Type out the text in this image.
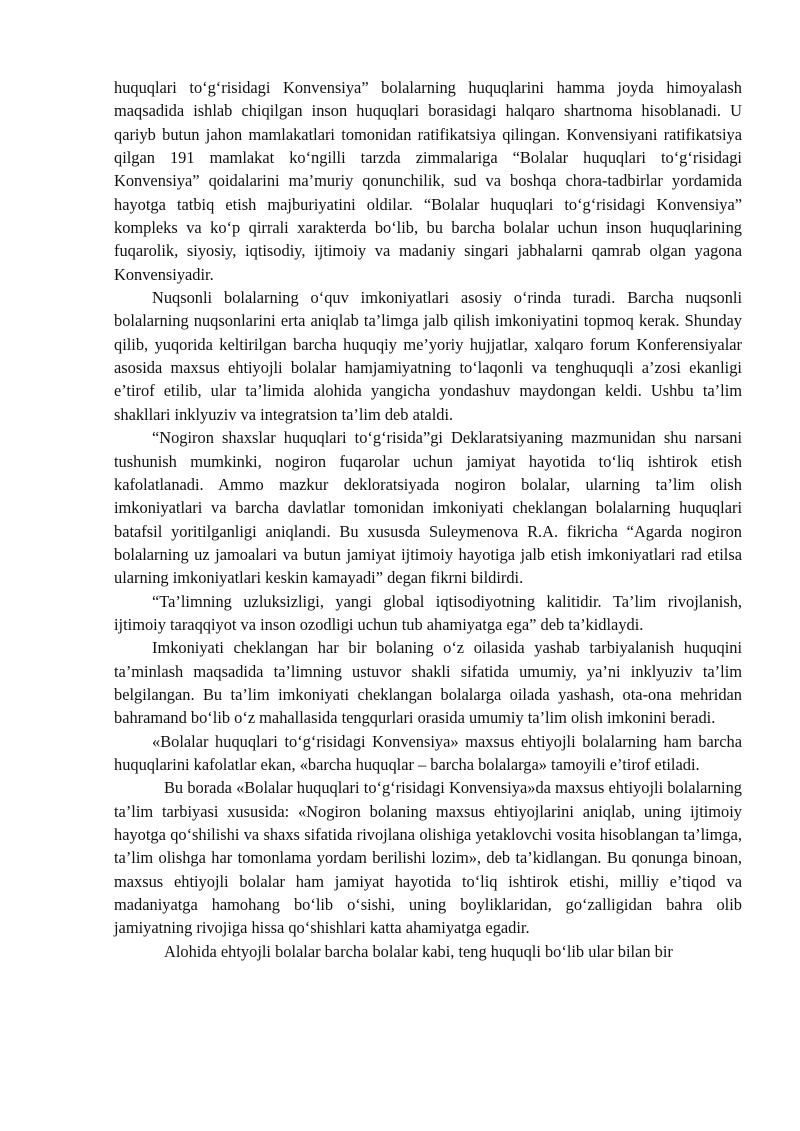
huquqlari to‘g‘risidagi Konvensiya” bolalarning huquqlarini hamma joyda himoyalash maqsadida ishlab chiqilgan inson huquqlari borasidagi halqaro shartnoma hisoblanadi. U qariyb butun jahon mamlakatlari tomonidan ratifikatsiya qilingan. Konvensiyani ratifikatsiya qilgan 191 mamlakat ko‘ngilli tarzda zimmalariga “Bolalar huquqlari to‘g‘risidagi Konvensiya” qoidalarini ma’muriy qonunchilik, sud va boshqa chora-tadbirlar yordamida hayotga tatbiq etish majburiyatini oldilar. “Bolalar huquqlari to‘g‘risidagi Konvensiya” kompleks va ko‘p qirrali xarakterda bo‘lib, bu barcha bolalar uchun inson huquqlarining fuqarolik, siyosiy, iqtisodiy, ijtimoiy va madaniy singari jabhalarni qamrab olgan yagona Konvensiyadir.

Nuqsonli bolalarning o‘quv imkoniyatlari asosiy o‘rinda turadi. Barcha nuqsonli bolalarning nuqsonlarini erta aniqlab ta’limga jalb qilish imkoniyatini topmoq kerak. Shunday qilib, yuqorida keltirilgan barcha huquqiy me’yoriy hujjatlar, xalqaro forum Konferensiyalar asosida maxsus ehtiyojli bolalar hamjamiyatning to‘laqonli va tenghuquqli a’zosi ekanligi e’tirof etilib, ular ta’limida alohida yangicha yondashuv maydongan keldi. Ushbu ta’lim shakllari inklyuziv va integratsion ta’lim deb ataldi.

“Nogiron shaxslar huquqlari to‘g‘risida”gi Deklaratsiyaning mazmunidan shu narsani tushunish mumkinki, nogiron fuqarolar uchun jamiyat hayotida to‘liq ishtirok etish kafolatlanadi. Ammo mazkur dekloratsiyada nogiron bolalar, ularning ta’lim olish imkoniyatlari va barcha davlatlar tomonidan imkoniyati cheklangan bolalarning huquqlari batafsil yoritilganligi aniqlandi. Bu xususda Suleymenova R.A. fikricha “Agarda nogiron bolalarning uz jamoalari va butun jamiyat ijtimoiy hayotiga jalb etish imkoniyatlari rad etilsa ularning imkoniyatlari keskin kamayadi” degan fikrni bildirdi.

“Ta’limning uzluksizligi, yangi global iqtisodiyotning kalitidir. Ta’lim rivojlanish, ijtimoiy taraqqiyot va inson ozodligi uchun tub ahamiyatga ega” deb ta’kidlaydi.

Imkoniyati cheklangan har bir bolaning o‘z oilasida yashab tarbiyalanish huquqini ta’minlash maqsadida ta’limning ustuvor shakli sifatida umumiy, ya’ni inklyuziv ta’lim belgilangan. Bu ta’lim imkoniyati cheklangan bolalarga oilada yashash, ota-ona mehridan bahramand bo‘lib o‘z mahallasida tengqurlari orasida umumiy ta’lim olish imkonini beradi.

«Bolalar huquqlari to‘g‘risidagi Konvensiya» maxsus ehtiyojli bolalarning ham barcha huquqlarini kafolatlar ekan, «barcha huquqlar – barcha bolalarga» tamoyili e’tirof etiladi.

Bu borada «Bolalar huquqlari to‘g‘risidagi Konvensiya»da maxsus ehtiyojli bolalarning ta’lim tarbiyasi xususida: «Nogiron bolaning maxsus ehtiyojlarini aniqlab, uning ijtimoiy hayotga qo‘shilishi va shaxs sifatida rivojlana olishiga yetaklovchi vosita hisoblangan ta’limga, ta’lim olishga har tomonlama yordam berilishi lozim», deb ta’kidlangan. Bu qonunga binoan, maxsus ehtiyojli bolalar ham jamiyat hayotida to‘liq ishtirok etishi, milliy e’tiqod va madaniyatga hamohang bo‘lib o‘sishi, uning boyliklaridan, go‘zalligidan bahra olib jamiyatning rivojiga hissa qo‘shishlari katta ahamiyatga egadir.

Alohida ehtyojli bolalar barcha bolalar kabi, teng huquqli bo‘lib ular bilan bir
